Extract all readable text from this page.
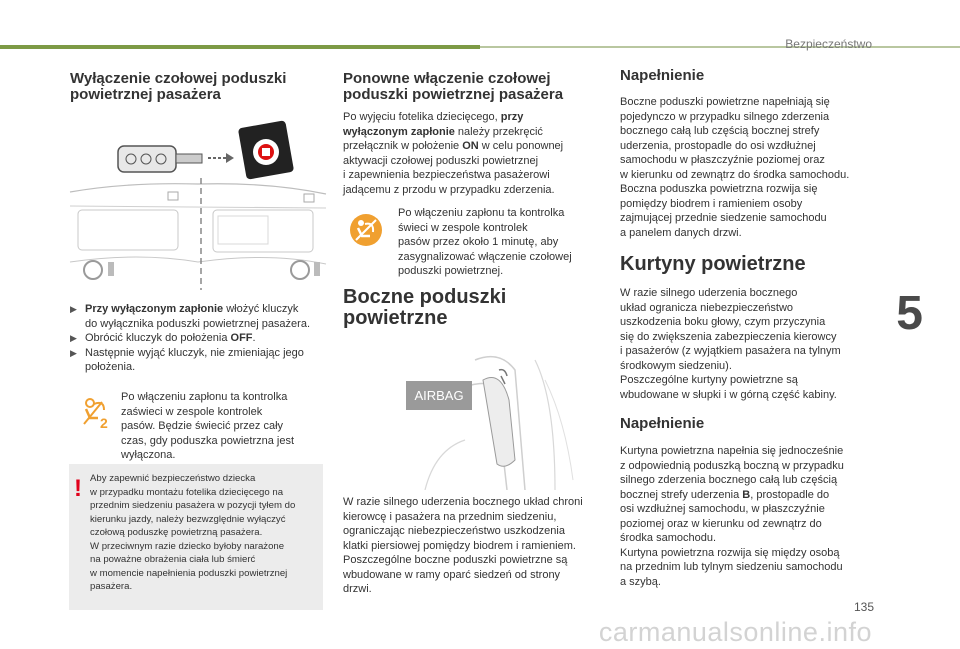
Bezpieczeństwo
5
135
carmanualsonline.info
Wyłączenie czołowej poduszki
powietrznej pasażera
▶ Przy wyłączonym zapłonie włożyć kluczyk
do wyłącznika poduszki powietrznej pasażera.
▶ Obrócić kluczyk do położenia OFF.
▶ Następnie wyjąć kluczyk, nie zmieniając jego
położenia.
2

Po włączeniu zapłonu ta kontrolka

zaświeci w zespole kontrolek

pasów. Będzie świecić przez cały

czas, gdy poduszka powietrzna jest

wyłączona.

! Aby zapewnić bezpieczeństwo dziecka
w przypadku montażu fotelika dziecięcego na
przednim siedzeniu pasażera w pozycji tyłem do
kierunku jazdy, należy bezwzględnie wyłączyć
czołową poduszkę powietrzną pasażera.
W przeciwnym razie dziecko byłoby narażone
na poważne obrażenia ciała lub śmierć
w momencie napełnienia poduszki powietrznej
pasażera.
Ponowne włączenie czołowej
poduszki powietrznej pasażera

Po wyjęciu fotelika dziecięcego, przy

wyłączonym zapłonie należy przekręcić

przełącznik w położenie ON w celu ponownej

aktywacji czołowej poduszki powietrznej

i zapewnienia bezpieczeństwa pasażerowi

jadącemu z przodu w przypadku zderzenia.

Po włączeniu zapłonu ta kontrolka

świeci w zespole kontrolek

pasów przez około 1 minutę, aby

zasygnalizować włączenie czołowej

poduszki powietrznej.

Boczne poduszki
powietrzne
AIRBAG

W razie silnego uderzenia bocznego układ chroni

kierowcę i pasażera na przednim siedzeniu,

ograniczając niebezpieczeństwo uszkodzenia

klatki piersiowej pomiędzy biodrem i ramieniem.

Poszczególne boczne poduszki powietrzne są

wbudowane w ramy oparć siedzeń od strony

drzwi.

Napełnienie

Boczne poduszki powietrzne napełniają się

pojedynczo w przypadku silnego zderzenia

bocznego całą lub częścią bocznej strefy

uderzenia, prostopadle do osi wzdłużnej

samochodu w płaszczyźnie poziomej oraz

w kierunku od zewnątrz do środka samochodu.

Boczna poduszka powietrzna rozwija się

pomiędzy biodrem i ramieniem osoby

zajmującej przednie siedzenie samochodu

a panelem danych drzwi.

Kurtyny powietrzne

W razie silnego uderzenia bocznego

układ ogranicza niebezpieczeństwo

uszkodzenia boku głowy, czym przyczynia

się do zwiększenia zabezpieczenia kierowcy

i pasażerów (z wyjątkiem pasażera na tylnym

środkowym siedzeniu).

Poszczególne kurtyny powietrzne są

wbudowane w słupki i w górną część kabiny.

Napełnienie

Kurtyna powietrzna napełnia się jednocześnie

z odpowiednią poduszką boczną w przypadku

silnego zderzenia bocznego całą lub częścią

bocznej strefy uderzenia B, prostopadle do

osi wzdłużnej samochodu, w płaszczyźnie

poziomej oraz w kierunku od zewnątrz do

środka samochodu.

Kurtyna powietrzna rozwija się między osobą

na przednim lub tylnym siedzeniu samochodu

a szybą.
